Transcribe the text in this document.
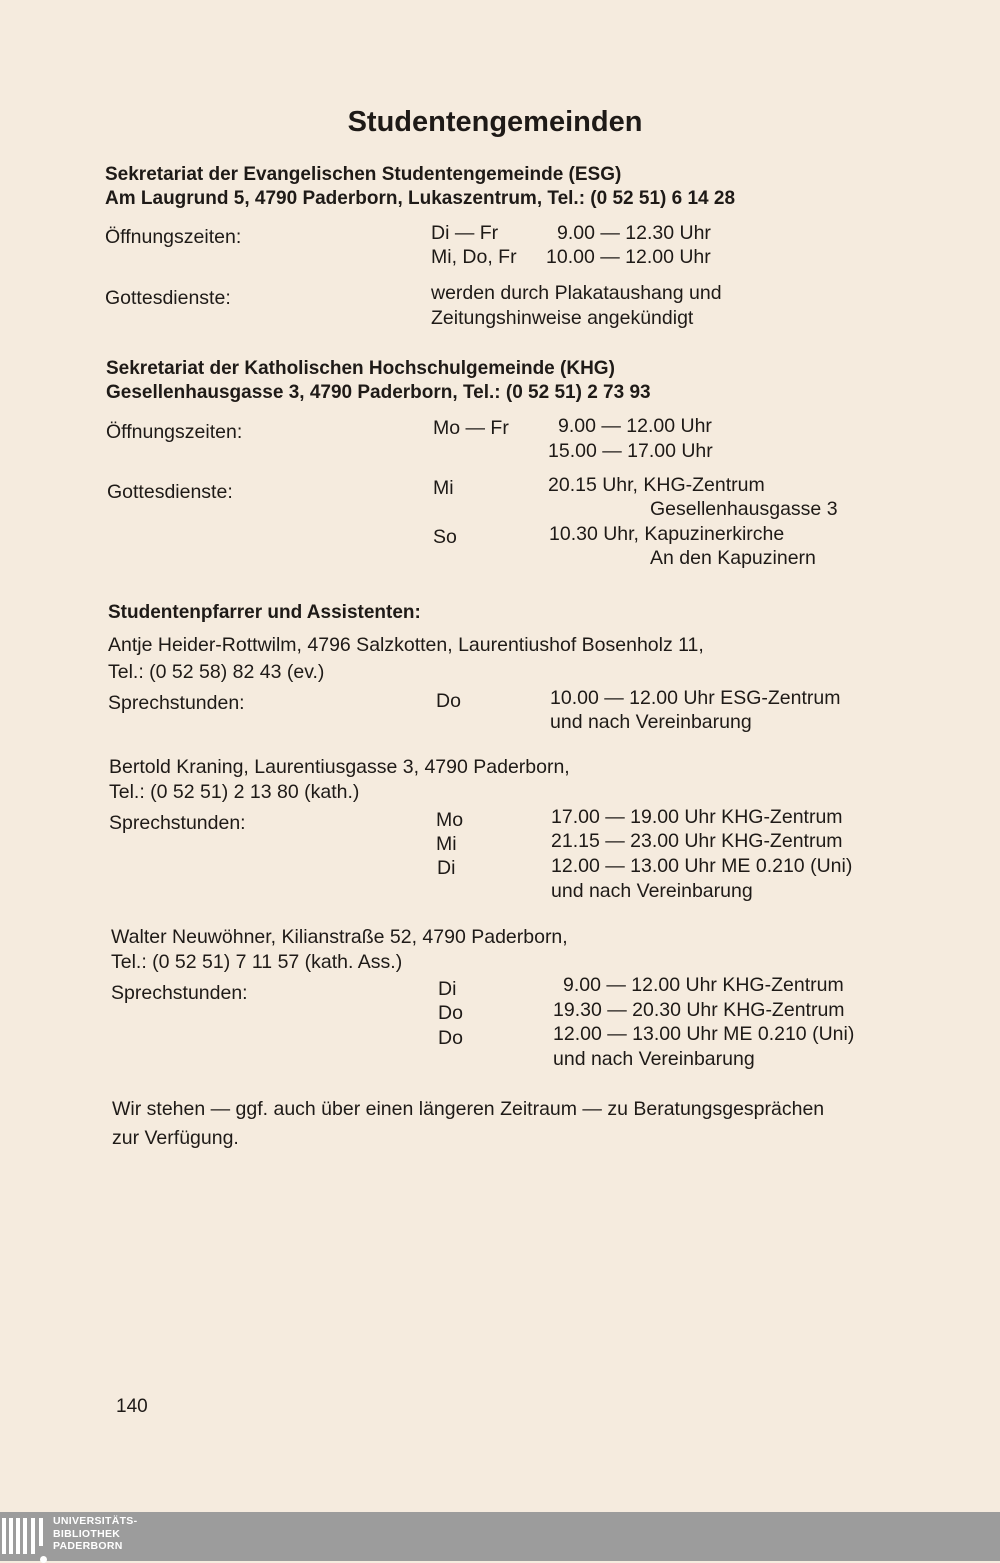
Studentengemeinden
Sekretariat der Evangelischen Studentengemeinde (ESG)
Am Laugrund 5, 4790 Paderborn, Lukaszentrum, Tel.: (0 52 51) 6 14 28
Öffnungszeiten:	Di — Fr	9.00 — 12.30 Uhr
Mi, Do, Fr 10.00 — 12.00 Uhr
Gottesdienste:	werden durch Plakataushang und
Zeitungshinweise angekündigt
Sekretariat der Katholischen Hochschulgemeinde (KHG)
Gesellenhausgasse 3, 4790 Paderborn, Tel.: (0 52 51) 2 73 93
Öffnungszeiten:	Mo — Fr	9.00 — 12.00 Uhr
15.00 — 17.00 Uhr
Gottesdienste:	Mi	20.15 Uhr, KHG-Zentrum
Gesellenhausgasse 3
So	10.30 Uhr, Kapuzinerkirche
An den Kapuzinern
Studentenpfarrer und Assistenten:
Antje Heider-Rottwilm, 4796 Salzkotten, Laurentiushof Bosenholz 11,
Tel.: (0 52 58) 82 43 (ev.)
Sprechstunden:	Do	10.00 — 12.00 Uhr ESG-Zentrum
und nach Vereinbarung
Bertold Kraning, Laurentiusgasse 3, 4790 Paderborn,
Tel.: (0 52 51) 2 13 80 (kath.)
Sprechstunden:	Mo	17.00 — 19.00 Uhr KHG-Zentrum
Mi	21.15 — 23.00 Uhr KHG-Zentrum
Di	12.00 — 13.00 Uhr ME 0.210 (Uni)
und nach Vereinbarung
Walter Neuwöhner, Kilianstraße 52, 4790 Paderborn,
Tel.: (0 52 51) 7 11 57 (kath. Ass.)
Sprechstunden:	Di	9.00 — 12.00 Uhr KHG-Zentrum
Do	19.30 — 20.30 Uhr KHG-Zentrum
Do	12.00 — 13.00 Uhr ME 0.210 (Uni)
und nach Vereinbarung
Wir stehen — ggf. auch über einen längeren Zeitraum — zu Beratungsgesprächen
zur Verfügung.
140
UNIVERSITÄTS-
BIBLIOTHEK
PADERBORN
